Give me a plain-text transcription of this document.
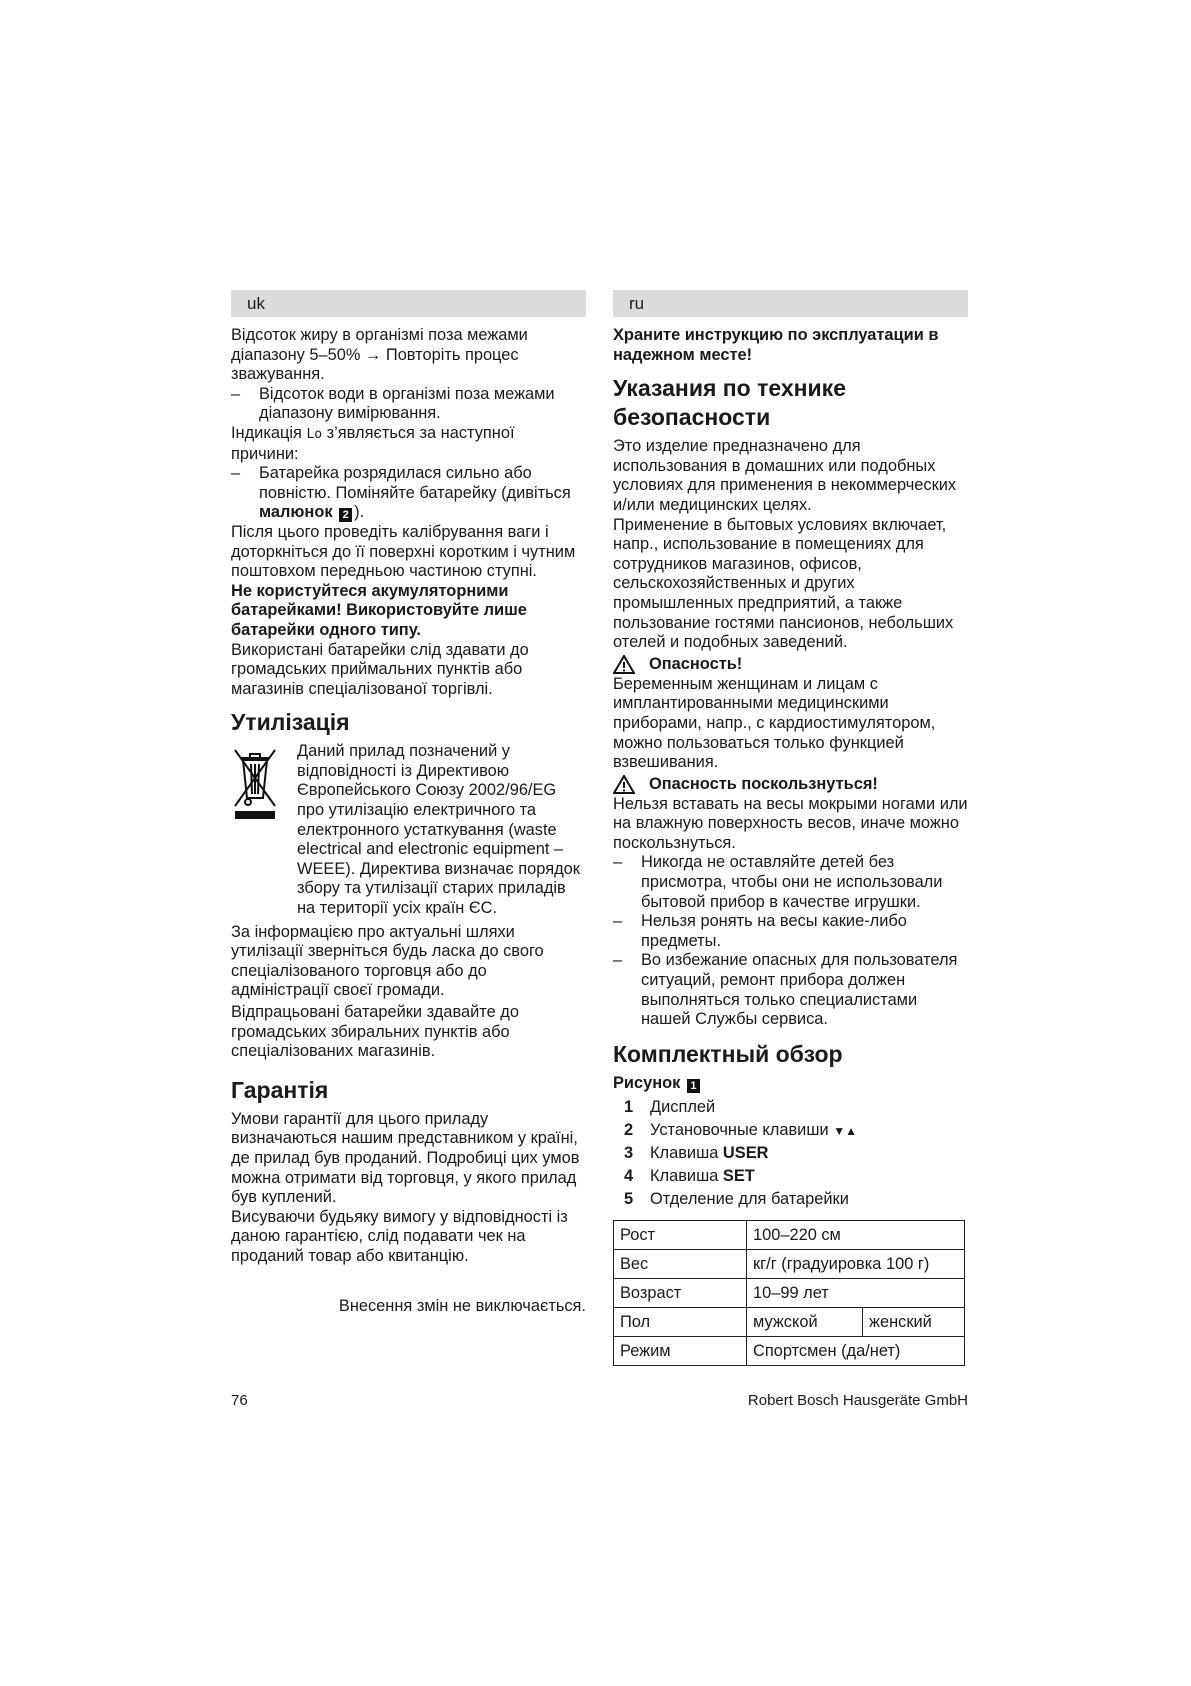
uk

Відсоток жиру в організмі поза межами діапазону 5–50% → Повторіть процес зважування.

–	Відсоток води в організмі поза межами діапазону вимірювання.

Індикація Lo з’являється за наступної причини:

–	Батарейка розрядилася сильно або повністю. Поміняйте батарейку (дивіться малюнок 2 ).

Після цього проведіть калібрування ваги і доторкніться до її поверхні коротким і чутним поштовхом передньою частиною ступні.

Не користуйтеся акумуляторними батарейками! Використовуйте лише батарейки одного типу.

Використані батарейки слід здавати до громадських приймальних пунктів або магазинів спеціалізованої торгівлі.

Утилізація

Даний прилад позначений у відповідності із Директивою Європейського Союзу 2002/96/EG про утилізацію електричного та електронного устаткування (waste electrical and electronic equipment – WEEE). Директива визначає порядок збору та утилізації старих приладів на території усіх країн ЄС.

За інформацією про актуальні шляхи утилізації зверніться будь ласка до свого спеціалізованого торговця або до адміністрації своєї громади.

Відпрацьовані батарейки здавайте до громадських збиральних пунктів або спеціалізованих магазинів.

Гарантія

Умови гарантії для цього приладу визначаються нашим представником у країні, де прилад був проданий. Подробиці цих умов можна отримати від торговця, у якого прилад був куплений.

Висуваючи будьяку вимогу у відповідності із даною гарантією, слід подавати чек на проданий товар або квитанцію.

Внесення змін не виключається.

ru

Храните инструкцию по эксплуатации в надежном месте!

Указания по технике безопасности

Это изделие предназначено для использования в домашних или подобных условиях для применения в некоммерческих и/или медицинских целях.

Применение в бытовых условиях включает, напр., использование в помещениях для сотрудников магазинов, офисов, сельскохозяйственных и других промышленных предприятий, а также пользование гостями пансионов, небольших отелей и подобных заведений.

Опасность!

Беременным женщинам и лицам с имплантированными медицинскими приборами, напр., с кардиостимулятором, можно пользоваться только функцией взвешивания.

Опасность поскользнуться!

Нельзя вставать на весы мокрыми ногами или на влажную поверхность весов, иначе можно поскользнуться.

–	Никогда не оставляйте детей без присмотра, чтобы они не использовали бытовой прибор в качестве игрушки.
–	Нельзя ронять на весы какие-либо предметы.
–	Во избежание опасных для пользователя ситуаций, ремонт прибора должен выполняться только специалистами нашей Службы сервиса.
Комплектный обзор

Рисунок 1

1	Дисплей
2	Установочные клавиши ▼▲
3	Клавиша USER
4	Клавиша SET
5	Отделение для батарейки
Рост	100–220 см	
Вес	кг/г (градуировка 100 г)	
Возраст	10–99 лет	
Пол	мужской	женский
Режим	Спортсмен (да/нет)	
76	Robert Bosch Hausgeräte GmbH
